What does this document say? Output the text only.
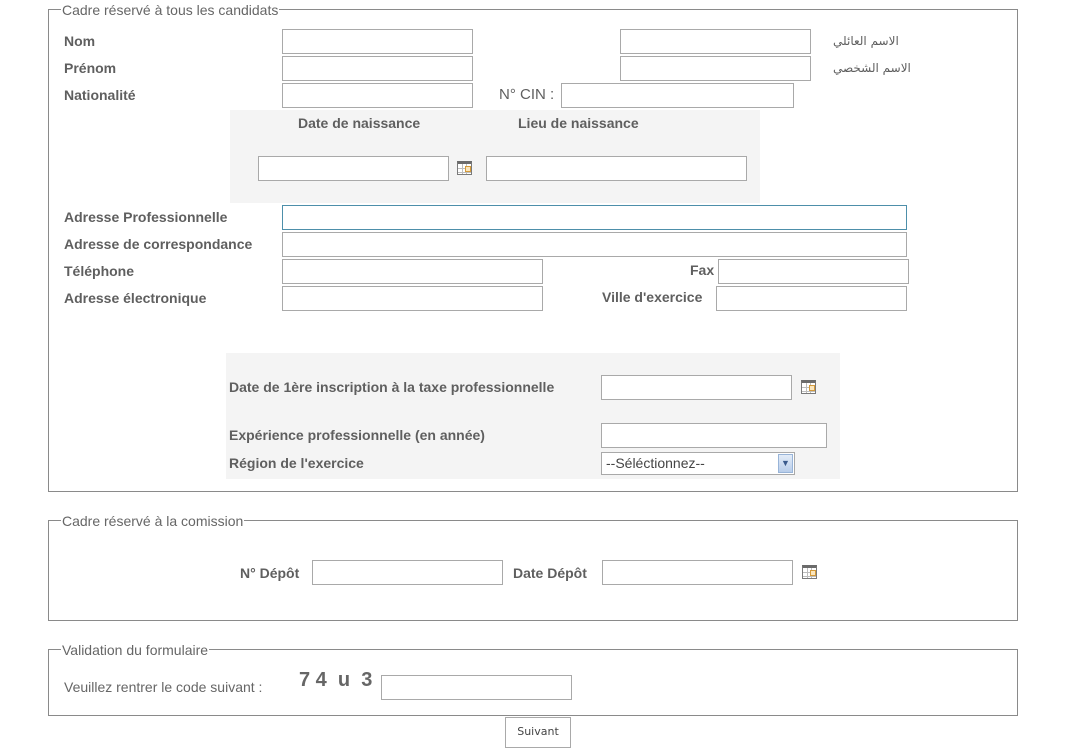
Cadre réservé à tous les candidats
Nom	الاسم العائلي
Prénom	الاسم الشخصي
Nationalité	N° CIN :
Date de naissance	Lieu de naissance
Adresse Professionnelle
Adresse de correspondance
Téléphone	Fax
Adresse électronique	Ville d'exercice
Date de 1ère inscription à la taxe professionnelle
Expérience professionnelle (en année)
Région de l'exercice	--Séléctionnez--	▼
Cadre réservé à la comission
N° Dépôt	Date Dépôt
Validation du formulaire
Veuillez rentrer le code suivant : 7 4  u  3
Suivant
